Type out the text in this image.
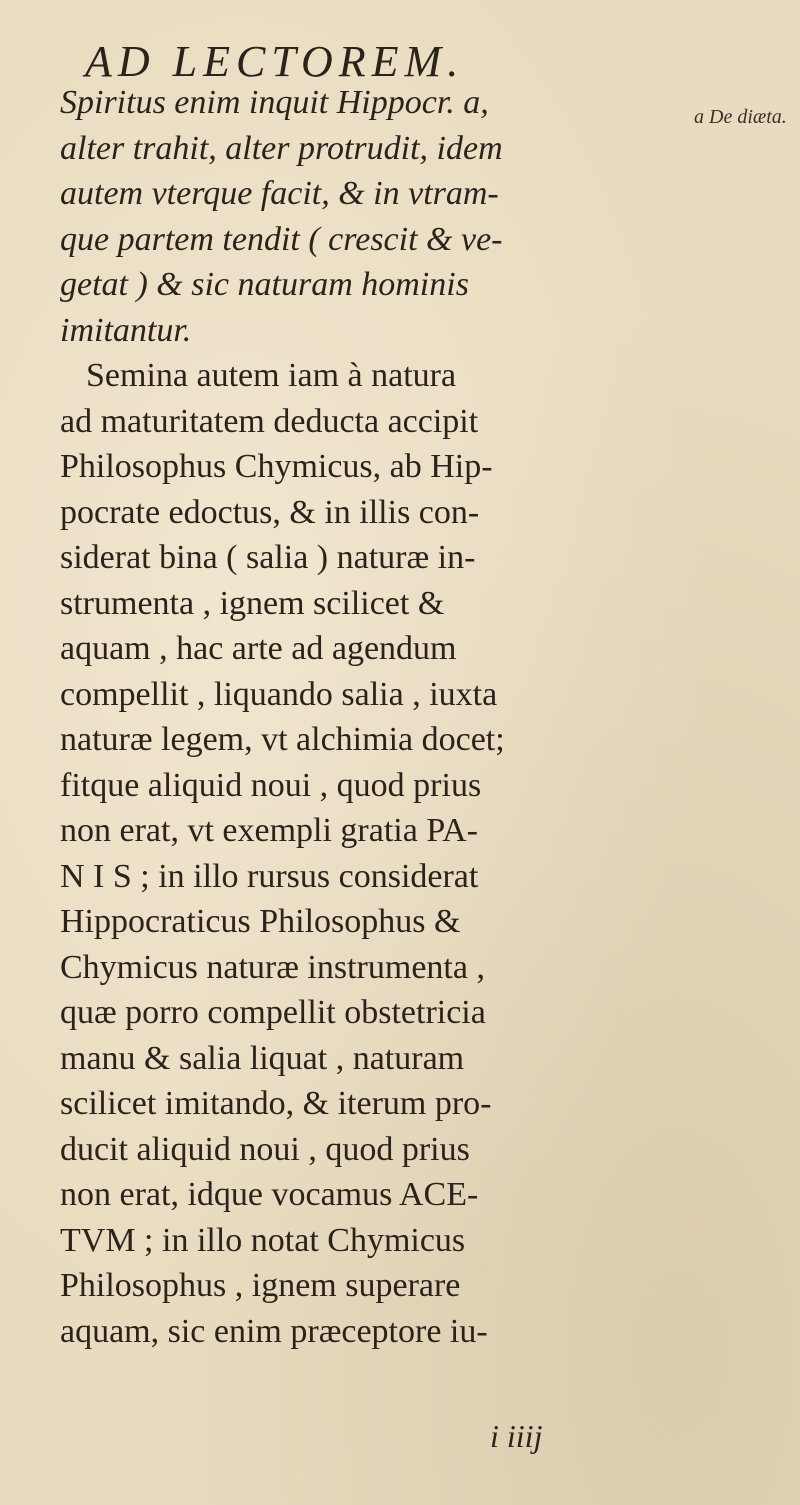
AD LECTOREM.
a De diæta.
Spiritus enim inquit Hippocr. a,
alter trahit, alter protrudit, idem
autem vterque facit, & in vtram-
que partem tendit ( crescit & ve-
getat ) & sic naturam hominis
imitantur.
Semina autem iam à natura
ad maturitatem deducta accipit
Philosophus Chymicus, ab Hip-
pocrate edoctus, & in illis con-
siderat bina ( salia ) naturæ in-
strumenta , ignem scilicet &
aquam , hac arte ad agendum
compellit , liquando salia , iuxta
naturæ legem, vt alchimia docet;
fitque aliquid noui , quod prius
non erat, vt exempli gratia PA-
N I S ; in illo rursus considerat
Hippocraticus Philosophus &
Chymicus naturæ instrumenta ,
quæ porro compellit obstetricia
manu & salia liquat , naturam
scilicet imitando, & iterum pro-
ducit aliquid noui , quod prius
non erat, idque vocamus ACE-
TVM ; in illo notat Chymicus
Philosophus , ignem superare
aquam, sic enim præceptore iu-
i iiij
